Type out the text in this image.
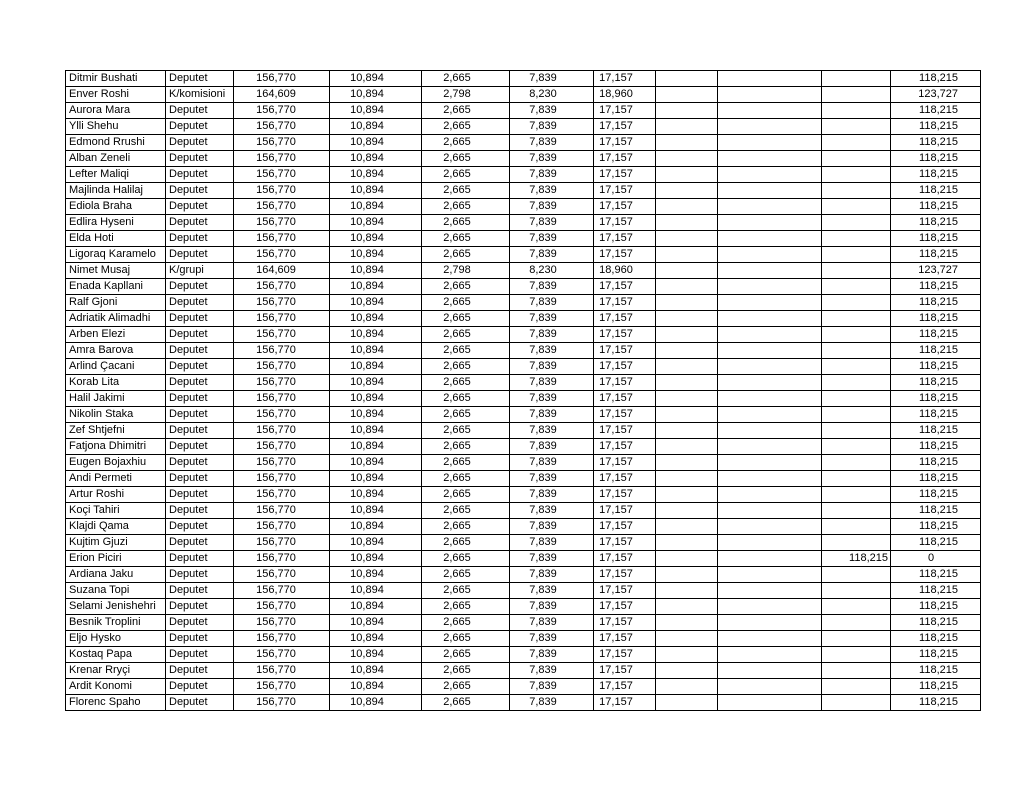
Ditmir Bushati	Deputet	156,770	10,894	2,665	7,839	17,157				118,215
Enver Roshi	K/komisioni	164,609	10,894	2,798	8,230	18,960				123,727
Aurora Mara	Deputet	156,770	10,894	2,665	7,839	17,157				118,215
Ylli Shehu	Deputet	156,770	10,894	2,665	7,839	17,157				118,215
Edmond Rrushi	Deputet	156,770	10,894	2,665	7,839	17,157				118,215
Alban Zeneli	Deputet	156,770	10,894	2,665	7,839	17,157				118,215
Lefter Maliqi	Deputet	156,770	10,894	2,665	7,839	17,157				118,215
Majlinda Halilaj	Deputet	156,770	10,894	2,665	7,839	17,157				118,215
Ediola Braha	Deputet	156,770	10,894	2,665	7,839	17,157				118,215
Edlira Hyseni	Deputet	156,770	10,894	2,665	7,839	17,157				118,215
Elda Hoti	Deputet	156,770	10,894	2,665	7,839	17,157				118,215
Ligoraq Karamelo	Deputet	156,770	10,894	2,665	7,839	17,157				118,215
Nimet Musaj	K/grupi	164,609	10,894	2,798	8,230	18,960				123,727
Enada Kapllani	Deputet	156,770	10,894	2,665	7,839	17,157				118,215
Ralf Gjoni	Deputet	156,770	10,894	2,665	7,839	17,157				118,215
Adriatik Alimadhi	Deputet	156,770	10,894	2,665	7,839	17,157				118,215
Arben Elezi	Deputet	156,770	10,894	2,665	7,839	17,157				118,215
Amra Barova	Deputet	156,770	10,894	2,665	7,839	17,157				118,215
Arlind Çacani	Deputet	156,770	10,894	2,665	7,839	17,157				118,215
Korab Lita	Deputet	156,770	10,894	2,665	7,839	17,157				118,215
Halil Jakimi	Deputet	156,770	10,894	2,665	7,839	17,157				118,215
Nikolin Staka	Deputet	156,770	10,894	2,665	7,839	17,157				118,215
Zef Shtjefni	Deputet	156,770	10,894	2,665	7,839	17,157				118,215
Fatjona Dhimitri	Deputet	156,770	10,894	2,665	7,839	17,157				118,215
Eugen Bojaxhiu	Deputet	156,770	10,894	2,665	7,839	17,157				118,215
Andi Permeti	Deputet	156,770	10,894	2,665	7,839	17,157				118,215
Artur Roshi	Deputet	156,770	10,894	2,665	7,839	17,157				118,215
Koçi Tahiri	Deputet	156,770	10,894	2,665	7,839	17,157				118,215
Klajdi Qama	Deputet	156,770	10,894	2,665	7,839	17,157				118,215
Kujtim Gjuzi	Deputet	156,770	10,894	2,665	7,839	17,157				118,215
Erion Piciri	Deputet	156,770	10,894	2,665	7,839	17,157			118,215	0
Ardiana Jaku	Deputet	156,770	10,894	2,665	7,839	17,157				118,215
Suzana Topi	Deputet	156,770	10,894	2,665	7,839	17,157				118,215
Selami Jenishehri	Deputet	156,770	10,894	2,665	7,839	17,157				118,215
Besnik Troplini	Deputet	156,770	10,894	2,665	7,839	17,157				118,215
Eljo Hysko	Deputet	156,770	10,894	2,665	7,839	17,157				118,215
Kostaq Papa	Deputet	156,770	10,894	2,665	7,839	17,157				118,215
Krenar Rryçi	Deputet	156,770	10,894	2,665	7,839	17,157				118,215
Ardit Konomi	Deputet	156,770	10,894	2,665	7,839	17,157				118,215
Florenc Spaho	Deputet	156,770	10,894	2,665	7,839	17,157				118,215
